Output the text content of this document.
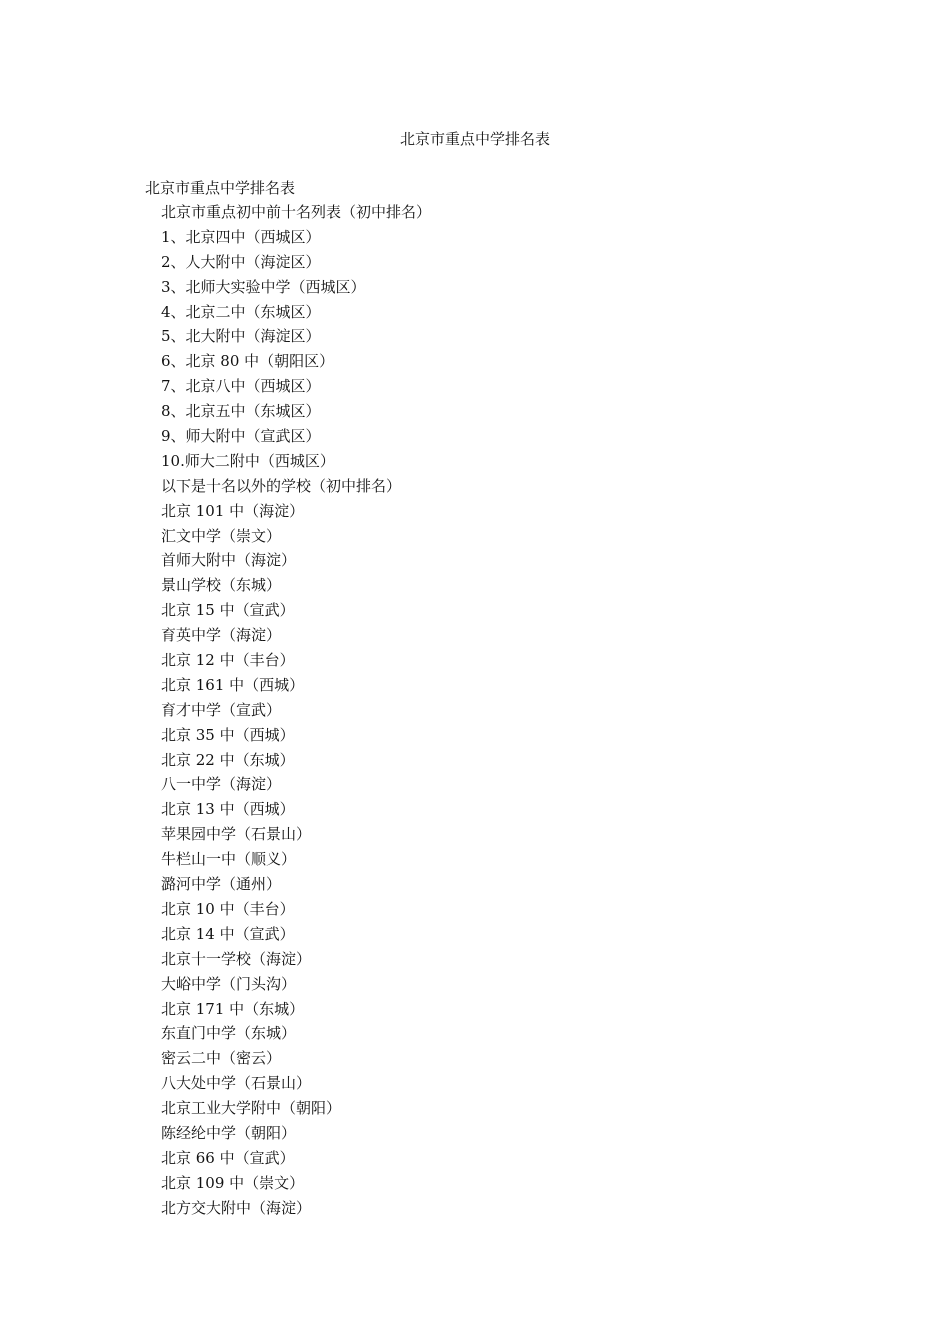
北京市重点中学排名表
北京市重点中学排名表
北京市重点初中前十名列表（初中排名）
1、北京四中（西城区）
2、人大附中（海淀区）
3、北师大实验中学（西城区）
4、北京二中（东城区）
5、北大附中（海淀区）
6、北京 80 中（朝阳区）
7、北京八中（西城区）
8、北京五中（东城区）
9、师大附中（宣武区）
10.师大二附中（西城区）
以下是十名以外的学校（初中排名）
北京 101 中（海淀）
汇文中学（崇文）
首师大附中（海淀）
景山学校（东城）
北京 15 中（宣武）
育英中学（海淀）
北京 12 中（丰台）
北京 161 中（西城）
育才中学（宣武）
北京 35 中（西城）
北京 22 中（东城）
八一中学（海淀）
北京 13 中（西城）
苹果园中学（石景山）
牛栏山一中（顺义）
潞河中学（通州）
北京 10 中（丰台）
北京 14 中（宣武）
北京十一学校（海淀）
大峪中学（门头沟）
北京 171 中（东城）
东直门中学（东城）
密云二中（密云）
八大处中学（石景山）
北京工业大学附中（朝阳）
陈经纶中学（朝阳）
北京 66 中（宣武）
北京 109 中（崇文）
北方交大附中（海淀）
